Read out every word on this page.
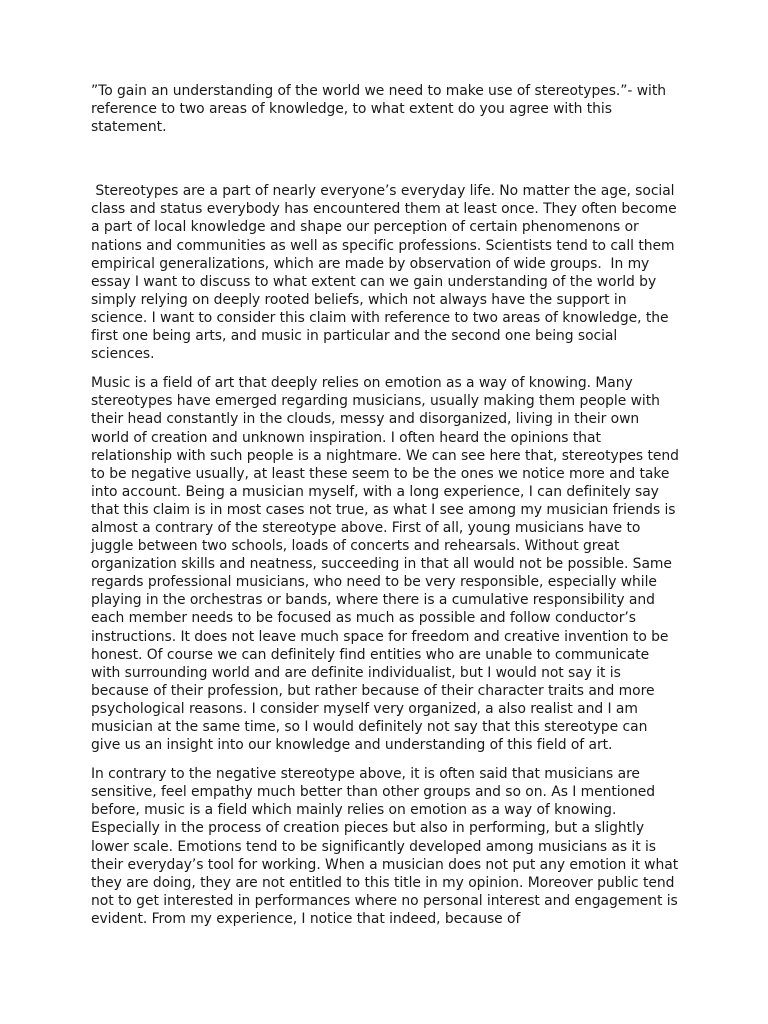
”To gain an understanding of the world we need to make use of stereotypes.”- with reference to two areas of knowledge, to what extent do you agree with this statement.

Stereotypes are a part of nearly everyone’s everyday life. No matter the age, social class and status everybody has encountered them at least once. They often become a part of local knowledge and shape our perception of certain phenomenons or nations and communities as well as specific professions. Scientists tend to call them empirical generalizations, which are made by observation of wide groups.  In my essay I want to discuss to what extent can we gain understanding of the world by simply relying on deeply rooted beliefs, which not always have the support in science. I want to consider this claim with reference to two areas of knowledge, the first one being arts, and music in particular and the second one being social sciences.

Music is a field of art that deeply relies on emotion as a way of knowing. Many stereotypes have emerged regarding musicians, usually making them people with their head constantly in the clouds, messy and disorganized, living in their own world of creation and unknown inspiration. I often heard the opinions that relationship with such people is a nightmare. We can see here that, stereotypes tend to be negative usually, at least these seem to be the ones we notice more and take into account. Being a musician myself, with a long experience, I can definitely say that this claim is in most cases not true, as what I see among my musician friends is almost a contrary of the stereotype above. First of all, young musicians have to juggle between two schools, loads of concerts and rehearsals. Without great organization skills and neatness, succeeding in that all would not be possible. Same regards professional musicians, who need to be very responsible, especially while playing in the orchestras or bands, where there is a cumulative responsibility and each member needs to be focused as much as possible and follow conductor’s instructions. It does not leave much space for freedom and creative invention to be honest. Of course we can definitely find entities who are unable to communicate with surrounding world and are definite individualist, but I would not say it is because of their profession, but rather because of their character traits and more psychological reasons. I consider myself very organized, a also realist and I am musician at the same time, so I would definitely not say that this stereotype can give us an insight into our knowledge and understanding of this field of art.

In contrary to the negative stereotype above, it is often said that musicians are sensitive, feel empathy much better than other groups and so on. As I mentioned before, music is a field which mainly relies on emotion as a way of knowing. Especially in the process of creation pieces but also in performing, but a slightly lower scale. Emotions tend to be significantly developed among musicians as it is their everyday’s tool for working. When a musician does not put any emotion it what they are doing, they are not entitled to this title in my opinion. Moreover public tend not to get interested in performances where no personal interest and engagement is evident. From my experience, I notice that indeed, because of
